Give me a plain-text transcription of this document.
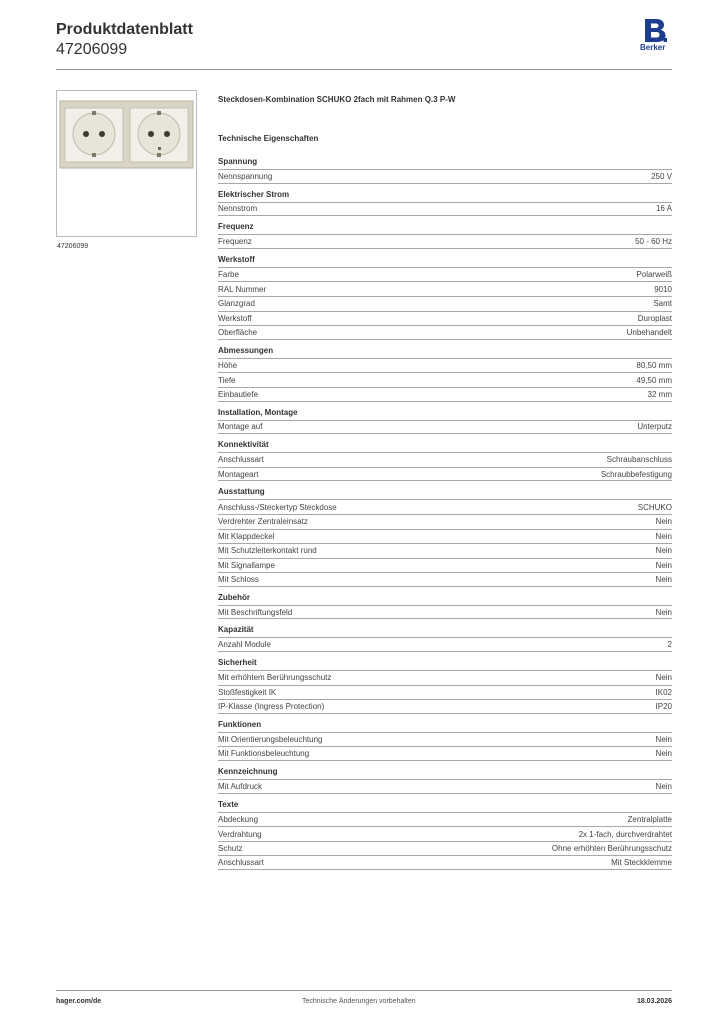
Produktdatenblatt
47206099	Berker
47206099
Steckdosen-Kombination SCHUKO 2fach mit Rahmen Q.3 P-W
Technische Eigenschaften
Spannung
Nennspannung	250 V
Elektrischer Strom
Nennstrom	16 A
Frequenz
Frequenz	50 - 60 Hz
Werkstoff
Farbe	Polarweiß
RAL Nummer	9010
Glanzgrad	Samt
Werkstoff	Duroplast
Oberfläche	Unbehandelt
Abmessungen
Höhe	80,50 mm
Tiefe	49,50 mm
Einbautiefe	32 mm
Installation, Montage
Montage auf	Unterputz
Konnektivität
Anschlussart	Schraubanschluss
Montageart	Schraubbefestigung
Ausstattung
Anschluss-/Steckertyp Steckdose	SCHUKO
Verdrehter Zentraleinsatz	Nein
Mit Klappdeckel	Nein
Mit Schutzleiterkontakt rund	Nein
Mit Signallampe	Nein
Mit Schloss	Nein
Zubehör
Mit Beschriftungsfeld	Nein
Kapazität
Anzahl Module	2
Sicherheit
Mit erhöhtem Berührungsschutz	Nein
Stoßfestigkeit IK	IK02
IP-Klasse (Ingress Protection)	IP20
Funktionen
Mit Orientierungsbeleuchtung	Nein
Mit Funktionsbeleuchtung	Nein
Kennzeichnung
Mit Aufdruck	Nein
Texte
Abdeckung	Zentralplatte
Verdrahtung	2x 1-fach, durchverdrahtet
Schutz	Ohne erhöhten Berührungsschutz
Anschlussart	Mit Steckklemme
hager.com/de	Technische Änderungen vorbehalten	18.03.2026
